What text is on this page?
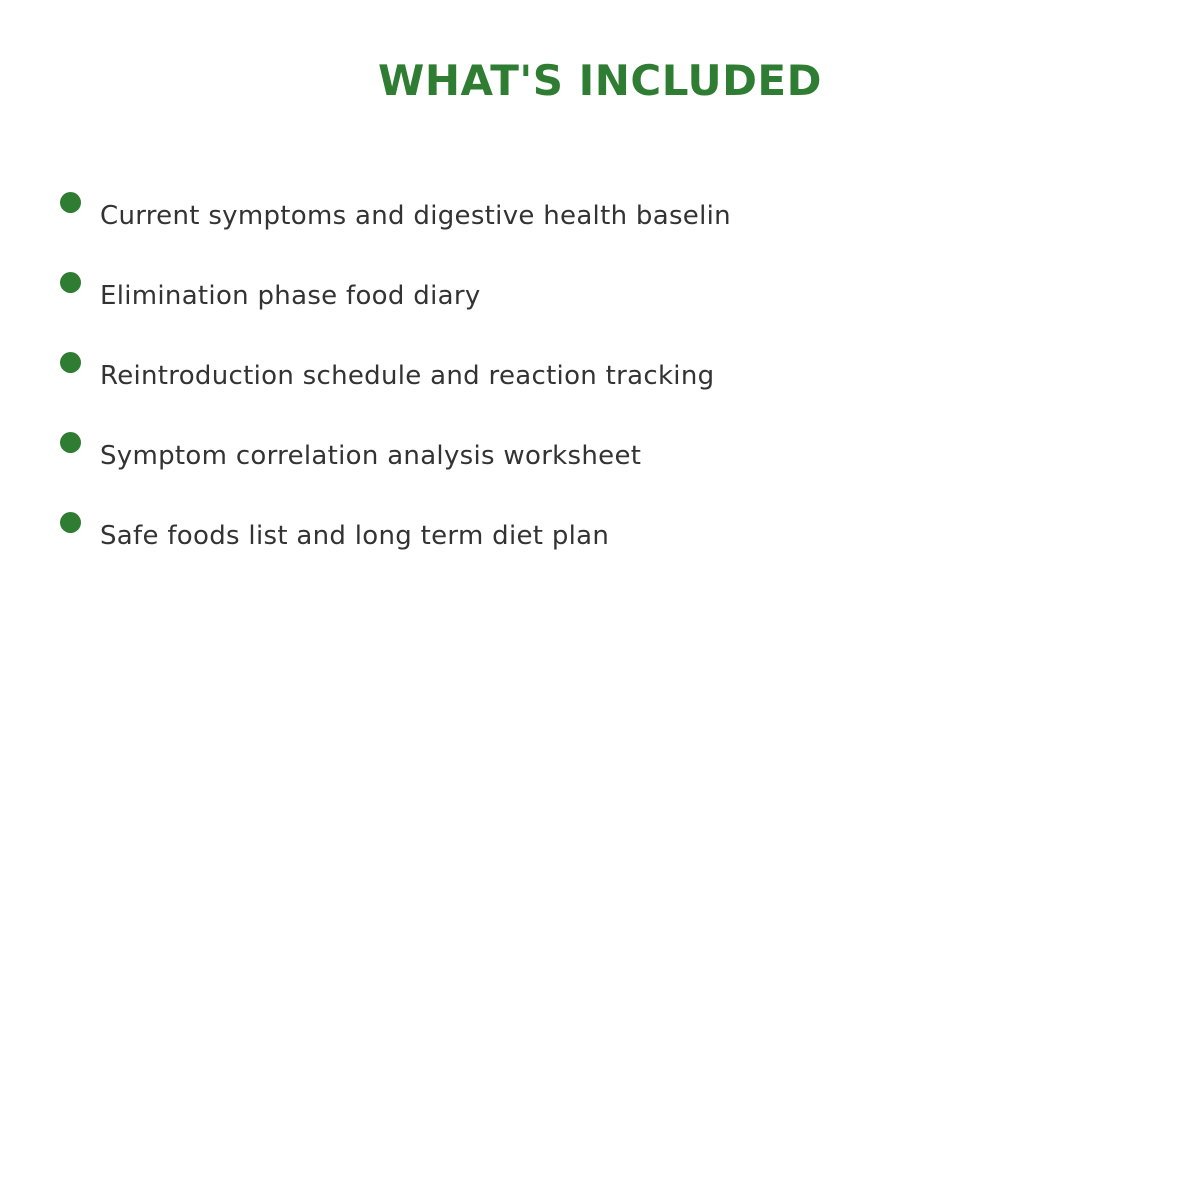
WHAT'S INCLUDED
Current symptoms and digestive health baselin
Elimination phase food diary
Reintroduction schedule and reaction tracking
Symptom correlation analysis worksheet
Safe foods list and long term diet plan
